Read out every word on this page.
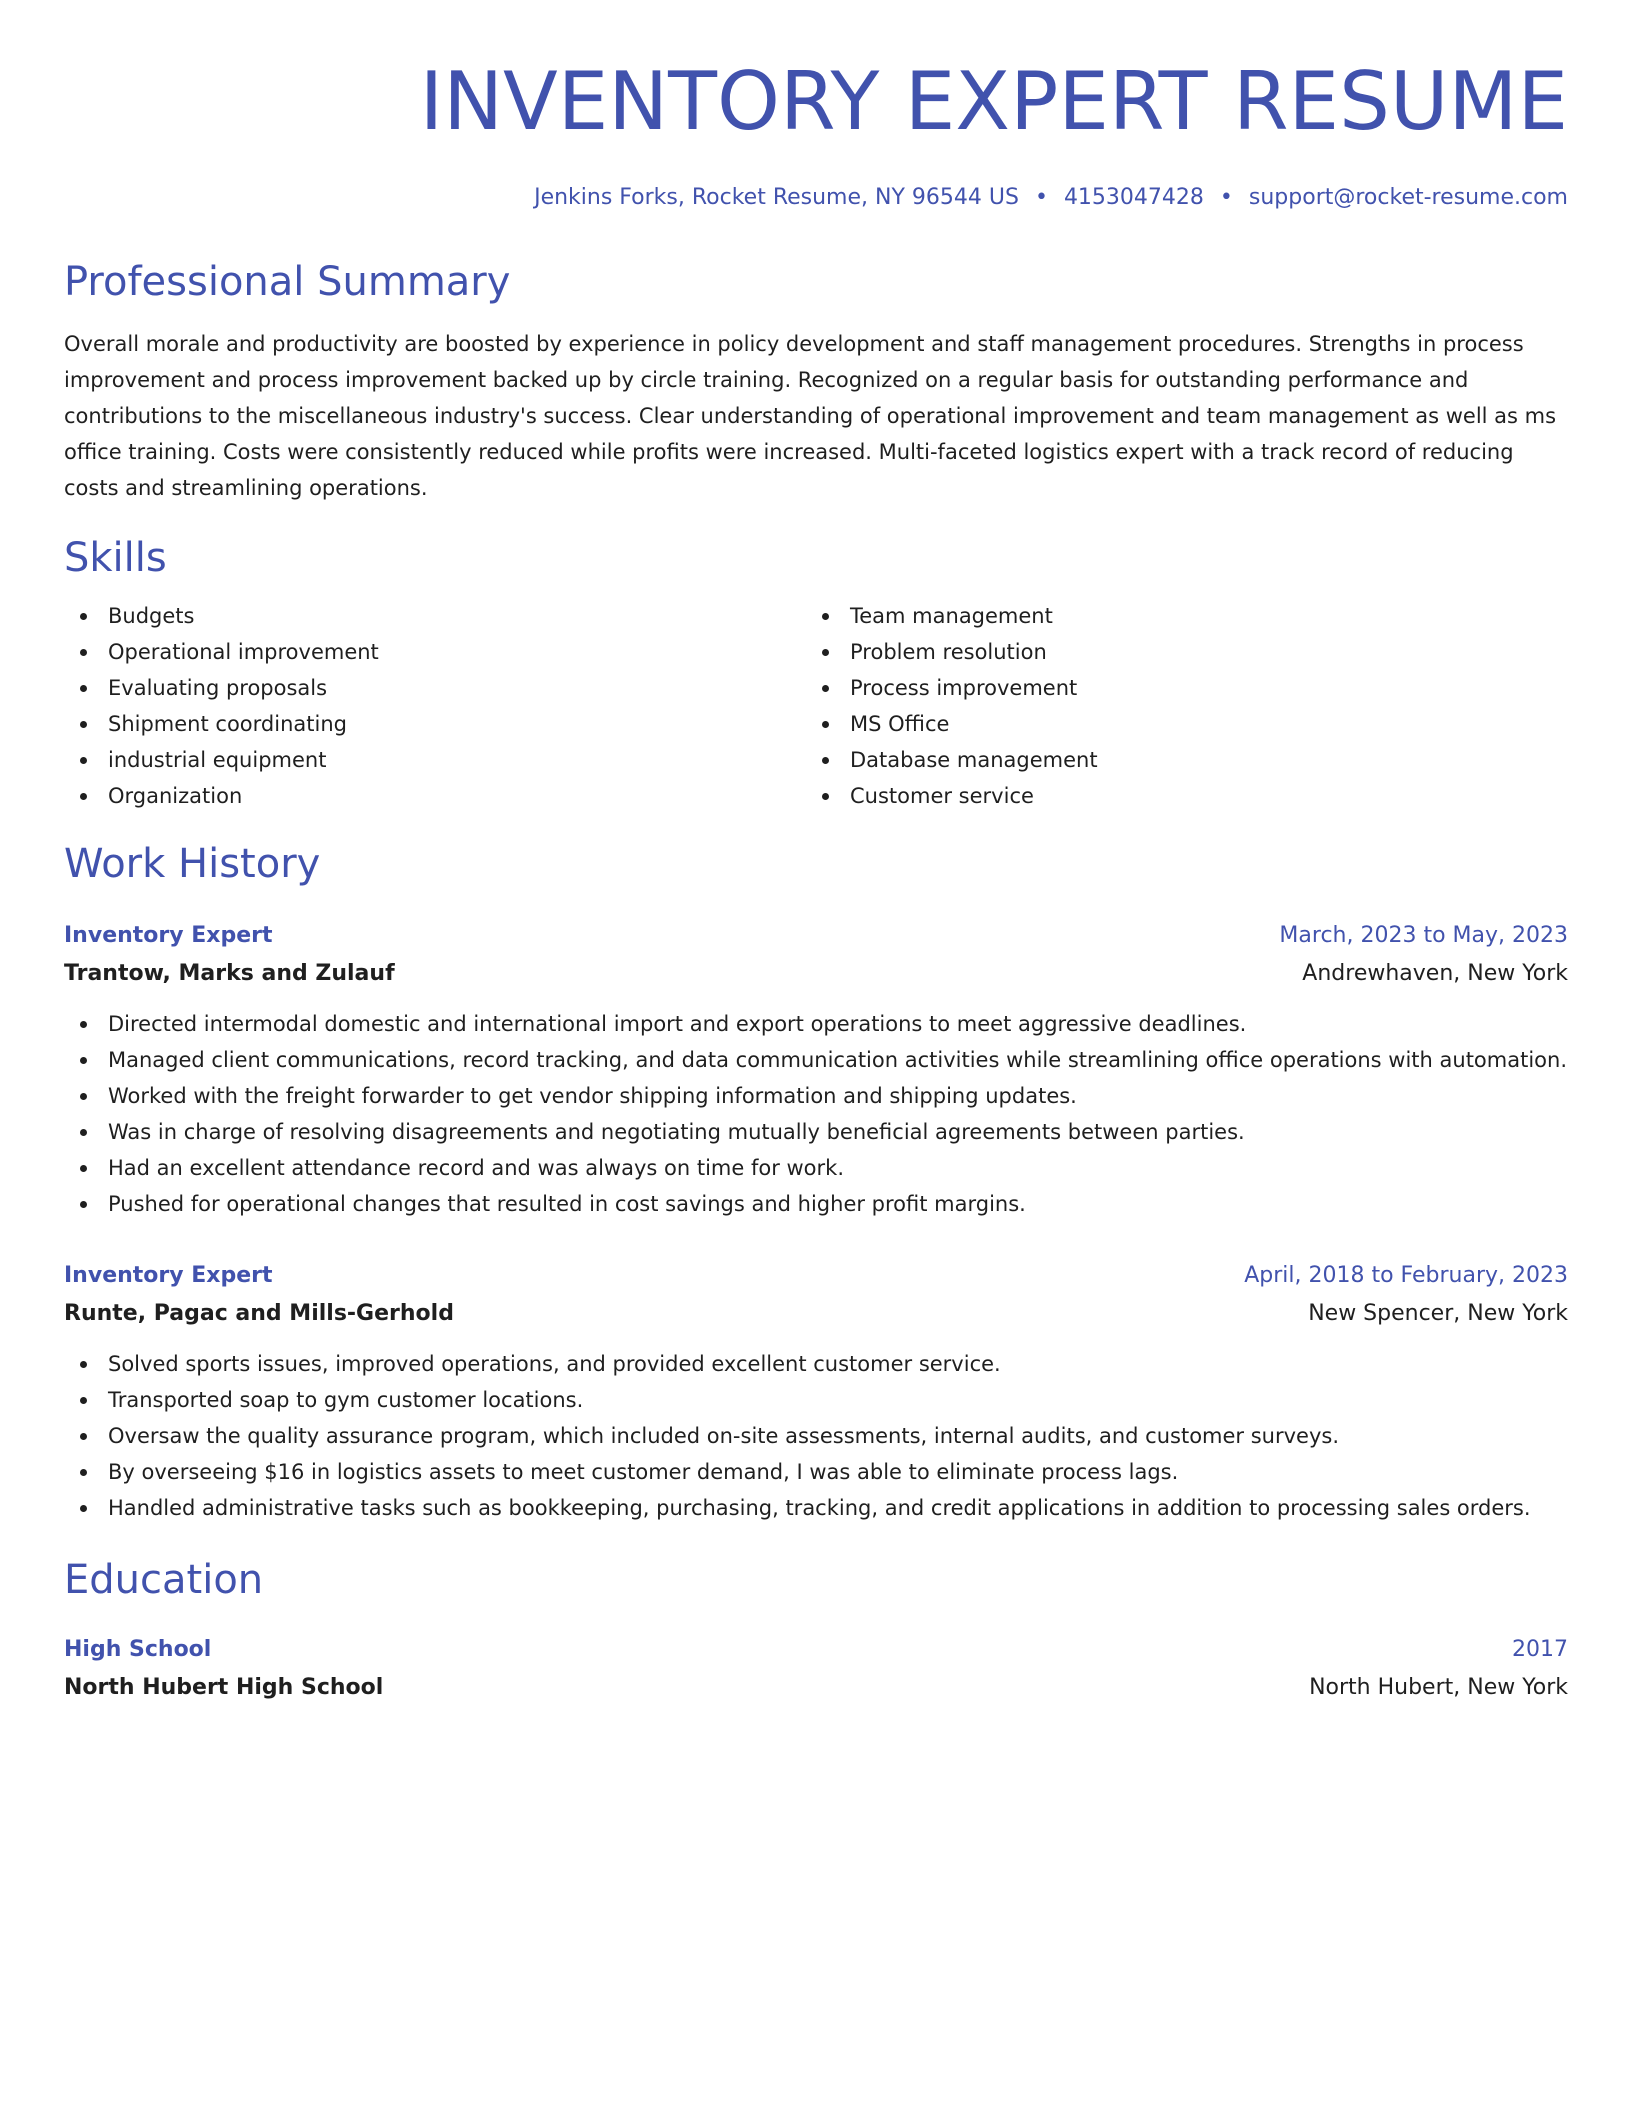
INVENTORY EXPERT RESUME
Jenkins Forks, Rocket Resume, NY 96544 US • 4153047428 • support@rocket-resume.com
Professional Summary
Overall morale and productivity are boosted by experience in policy development and staff management procedures. Strengths in process improvement and process improvement backed up by circle training. Recognized on a regular basis for outstanding performance and contributions to the miscellaneous industry's success. Clear understanding of operational improvement and team management as well as ms office training. Costs were consistently reduced while profits were increased. Multi-faceted logistics expert with a track record of reducing costs and streamlining operations.
Skills
Budgets
Operational improvement
Evaluating proposals
Shipment coordinating
industrial equipment
Organization
Team management
Problem resolution
Process improvement
MS Office
Database management
Customer service
Work History
Inventory Expert	March, 2023 to May, 2023
Trantow, Marks and Zulauf	Andrewhaven, New York
Directed intermodal domestic and international import and export operations to meet aggressive deadlines.
Managed client communications, record tracking, and data communication activities while streamlining office operations with automation.
Worked with the freight forwarder to get vendor shipping information and shipping updates.
Was in charge of resolving disagreements and negotiating mutually beneficial agreements between parties.
Had an excellent attendance record and was always on time for work.
Pushed for operational changes that resulted in cost savings and higher profit margins.
Inventory Expert	April, 2018 to February, 2023
Runte, Pagac and Mills-Gerhold	New Spencer, New York
Solved sports issues, improved operations, and provided excellent customer service.
Transported soap to gym customer locations.
Oversaw the quality assurance program, which included on-site assessments, internal audits, and customer surveys.
By overseeing $16 in logistics assets to meet customer demand, I was able to eliminate process lags.
Handled administrative tasks such as bookkeeping, purchasing, tracking, and credit applications in addition to processing sales orders.
Education
High School	2017
North Hubert High School	North Hubert, New York
